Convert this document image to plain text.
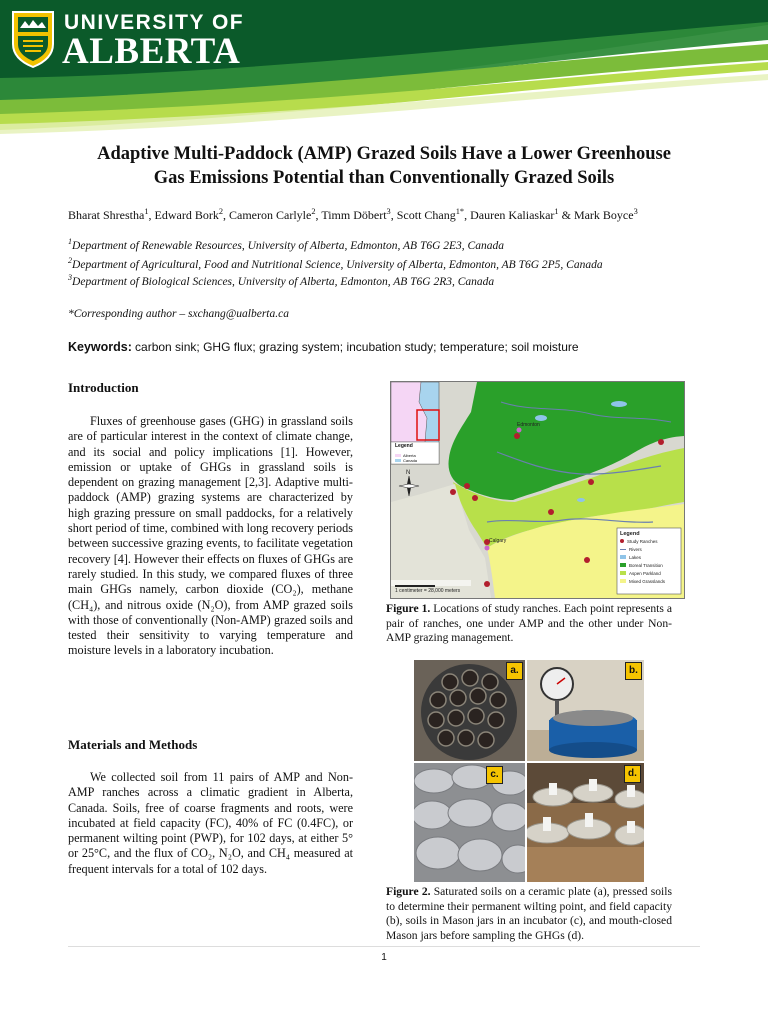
UNIVERSITY OF
ALBERTA
Adaptive Multi-Paddock (AMP) Grazed Soils Have a Lower Greenhouse
Gas Emissions Potential than Conventionally Grazed Soils
Bharat Shrestha$^1$, Edward Bork$^2$, Cameron Carlyle$^2$, Timm Döbert$^3$, Scott Chang$^{1*}$, Dauren Kaliaskar$^1$ & Mark Boyce$^3$
$^1$Department of Renewable Resources, University of Alberta, Edmonton, AB T6G 2E3, Canada
$^2$Department of Agricultural, Food and Nutritional Science, University of Alberta, Edmonton, AB T6G 2P5, Canada
$^3$Department of Biological Sciences, University of Alberta, Edmonton, AB T6G 2R3, Canada
*Corresponding author – sxchang@ualberta.ca
Keywords: carbon sink; GHG flux; grazing system; incubation study; temperature; soil moisture
Introduction
Fluxes of greenhouse gases (GHG) in grassland soils are of particular interest in the context of climate change, and its social and policy implications [1]. However, emission or uptake of GHGs in grassland soils is dependent on grazing management [2,3]. Adaptive multi-paddock (AMP) grazing systems are characterized by high grazing pressure on small paddocks, for a relatively short period of time, combined with long recovery periods between successive grazing events, to facilitate vegetation recovery [4]. However their effects on fluxes of GHGs are rarely studied. In this study, we compared fluxes of three main GHGs namely, carbon dioxide (CO₂), methane (CH₄), and nitrous oxide (N₂O), from AMP grazed soils with those of conventionally (Non-AMP) grazed soils and tested their sensitivity to varying temperature and moisture levels in a laboratory incubation.
Materials and Methods
We collected soil from 11 pairs of AMP and Non-AMP ranches across a climatic gradient in Alberta, Canada. Soils, free of coarse fragments and roots, were incubated at field capacity (FC), 40% of FC (0.4FC), or permanent wilting point (PWP), for 102 days, at either 5° or 25°C, and the flux of CO₂, N₂O, and CH₄ measured at frequent intervals for a total of 102 days.
Edmonton
Calgary
N
1 centimeter = 28,000 meters
Legend
Alberta
Canada
Legend
Study Ranches
Rivers
Lakes
Boreal Transition
Aspen Parkland
Mixed Grasslands
Figure 1. Locations of study ranches. Each point represents a pair of ranches, one under AMP and the other under Non-AMP grazing management.
a.	b.
c.	d.
Figure 2. Saturated soils on a ceramic plate (a), pressed soils to determine their permanent wilting point, and field capacity (b), soils in Mason jars in an incubator (c), and mouth-closed Mason jars before sampling the GHGs (d).
1
